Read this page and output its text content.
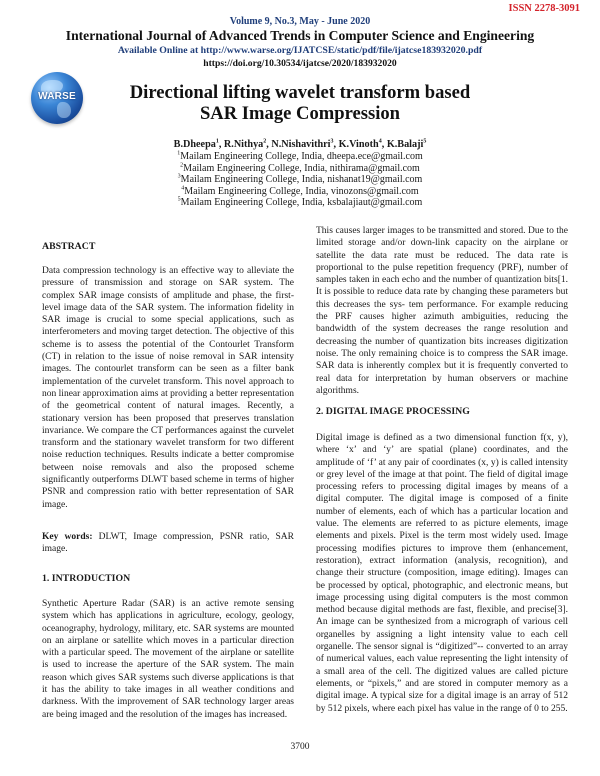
ISSN 2278-3091
Volume 9, No.3, May - June 2020
International Journal of Advanced Trends in Computer Science and Engineering
Available Online at http://www.warse.org/IJATCSE/static/pdf/file/ijatcse183932020.pdf
https://doi.org/10.30534/ijatcse/2020/183932020
WARSE	Directional lifting wavelet transform based
SAR Image Compression
B.Dheepa$^1$, R.Nithya$^2$, N.Nishavithri$^3$, K.Vinoth$^4$, K.Balaji$^5$
$^1$Mailam Engineering College, India, dheepa.ece@gmail.com
$^2$Mailam Engineering College, India, nithirama@gmail.com
$^3$Mailam Engineering College, India, nishanat19@gmail.com
$^4$Mailam Engineering College, India, vinozons@gmail.com
$^5$Mailam Engineering College, India, ksbalajiaut@gmail.com
ABSTRACT

Data compression technology is an effective way to alleviate the pressure of transmission and storage on SAR system. The complex SAR image consists of amplitude and phase, the first-level image data of the SAR system. The information fidelity in SAR image is crucial to some special applications, such as interferometers and moving target detection. The objective of this scheme is to assess the potential of the Contourlet Transform (CT) in relation to the issue of noise removal in SAR intensity images. The contourlet transform can be seen as a filter bank implementation of the curvelet transform. This novel approach to non linear approximation aims at providing a better representation of the geometrical content of natural images. Recently, a stationary version has been proposed that preserves translation invariance. We compare the CT performances against the curvelet transform and the stationary wavelet transform for two different noise reduction techniques. Results indicate a better compromise between noise removals and also the proposed scheme significantly outperforms DLWT based scheme in terms of higher PSNR and compression ratio with better representation of SAR image.

Key words: DLWT, Image compression, PSNR ratio, SAR image.

1. INTRODUCTION

Synthetic Aperture Radar (SAR) is an active remote sensing system which has applications in agriculture, ecology, geology, oceanography, hydrology, military, etc. SAR systems are mounted on an airplane or satellite which moves in a particular direction with a particular speed. The movement of the airplane or satellite is used to increase the aperture of the SAR system. The main reason which gives SAR systems such diverse applications is that it has the ability to take images in all weather conditions and darkness. With the improvement of SAR technology larger areas are being imaged and the resolution of the images has increased.

This causes larger images to be transmitted and stored. Due to the limited storage and/or down-link capacity on the airplane or satellite the data rate must be reduced. The data rate is proportional to the pulse repetition frequency (PRF), number of samples taken in each echo and the number of quantization bits[1. It is possible to reduce data rate by changing these parameters but this decreases the sys- tem performance. For example reducing the PRF causes higher azimuth ambiguities, reducing the bandwidth of the system decreases the range resolution and decreasing the number of quantization bits increases digitization noise. The only remaining choice is to compress the SAR image. SAR data is inherently complex but it is frequently converted to real data for interpretation by human observers or machine algorithms.

2. DIGITAL IMAGE PROCESSING

Digital image is defined as a two dimensional function f(x, y), where ‘x’ and ‘y’ are spatial (plane) coordinates, and the amplitude of ‘f’ at any pair of coordinates (x, y) is called intensity or grey level of the image at that point. The field of digital image processing refers to processing digital images by means of a digital computer. The digital image is composed of a finite number of elements, each of which has a particular location and value. The elements are referred to as picture elements, image elements and pixels. Pixel is the term most widely used. Image processing modifies pictures to improve them (enhancement, restoration), extract information (analysis, recognition), and change their structure (composition, image editing). Images can be processed by optical, photographic, and electronic means, but image processing using digital computers is the most common method because digital methods are fast, flexible, and precise[3]. An image can be synthesized from a micrograph of various cell organelles by assigning a light intensity value to each cell organelle. The sensor signal is “digitized”-- converted to an array of numerical values, each value representing the light intensity of a small area of the cell. The digitized values are called picture elements, or “pixels,” and are stored in computer memory as a digital image. A typical size for a digital image is an array of 512 by 512 pixels, where each pixel has value in the range of 0 to 255.

3700
